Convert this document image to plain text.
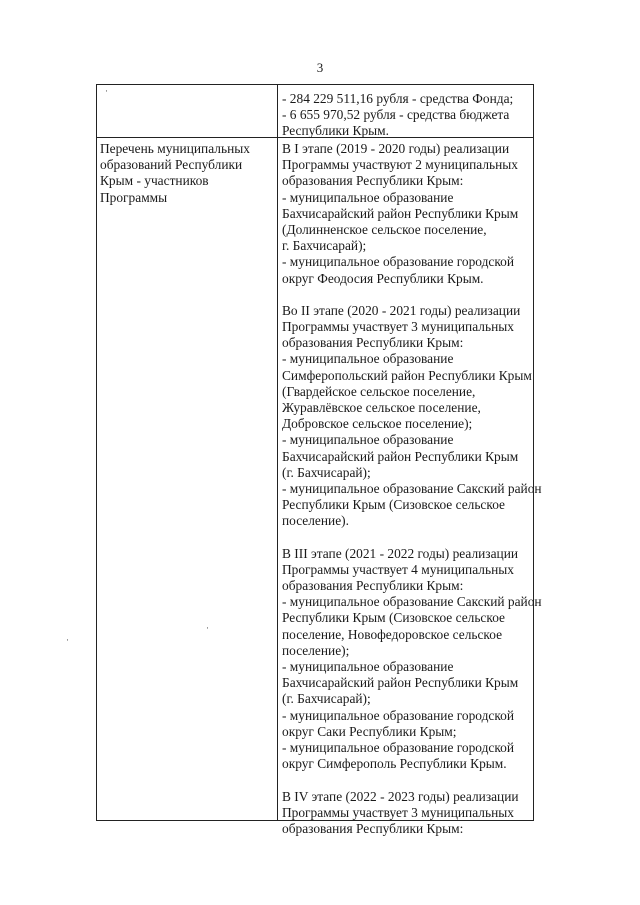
3
·	- 284 229 511,16 рубля - средства Фонда;
- 6 655 970,52 рубля - средства бюджета
Республики Крым.
Перечень муниципальных
образований Республики
Крым - участников
Программы
В I этапе (2019 - 2020 годы) реализации
Программы участвуют 2 муниципальных
образования Республики Крым:
- муниципальное образование
Бахчисарайский район Республики Крым
(Долинненское сельское поселение,
г. Бахчисарай);
- муниципальное образование городской
округ Феодосия Республики Крым.
Во II этапе (2020 - 2021 годы) реализации
Программы участвует 3 муниципальных
образования Республики Крым:
- муниципальное образование
Симферопольский район Республики Крым
(Гвардейское сельское поселение,
Журавлёвское сельское поселение,
Добровское сельское поселение);
- муниципальное образование
Бахчисарайский район Республики Крым
(г. Бахчисарай);
- муниципальное образование Сакский район
Республики Крым (Сизовское сельское
поселение).
В III этапе (2021 - 2022 годы) реализации
Программы участвует 4 муниципальных
образования Республики Крым:
- муниципальное образование Сакский район
Республики Крым (Сизовское сельское
поселение, Новофедоровское сельское
поселение);
- муниципальное образование
Бахчисарайский район Республики Крым
(г. Бахчисарай);
- муниципальное образование городской
округ Саки Республики Крым;
- муниципальное образование городской
округ Симферополь Республики Крым.
В IV этапе (2022 - 2023 годы) реализации
Программы участвует 3 муниципальных
образования Республики Крым:
·
·
